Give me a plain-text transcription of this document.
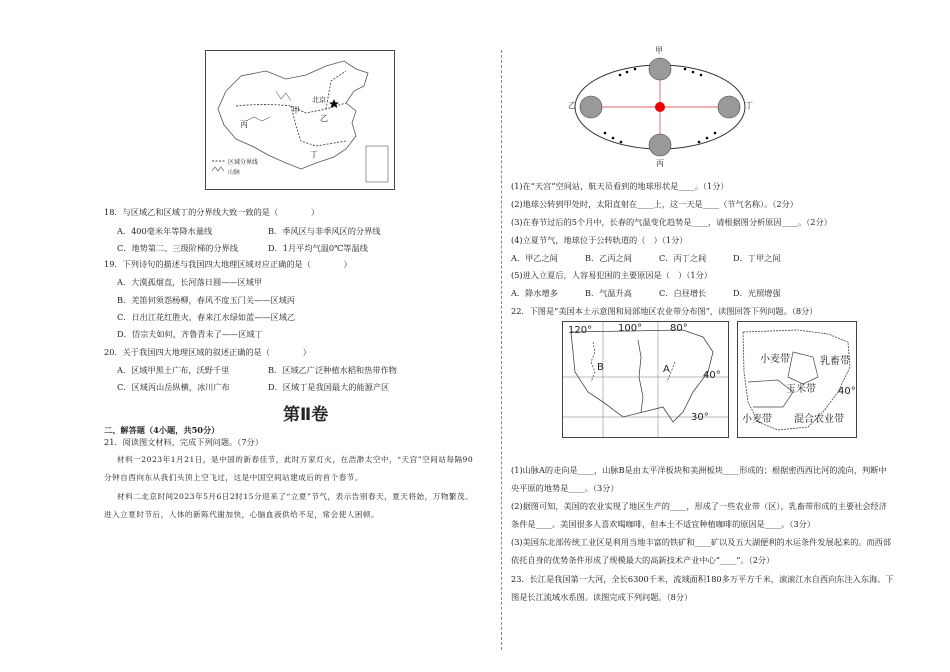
甲
乙
丙
丁
北京
区域分界线
山脉
18．与区域乙和区域丁的分界线大致一致的是（　　　　）
A．400毫米年等降水量线	B．季风区与非季风区的分界线
C．地势第二、三级阶梯的分界线	D．1月平均气温0℃等温线
19．下列诗句的描述与我国四大地理区域对应正确的是（　　　　）
A．大漠孤烟直，长河落日圆——区域甲
B．羌笛何须怨杨柳，春风不度玉门关——区域丙
C．日出江花红胜火，春来江水绿如蓝——区域乙
D．岱宗夫如何，齐鲁青未了——区域丁
20．关于我国四大地理区域的叙述正确的是（　　　　）
A．区域甲黑土广布，沃野千里	B．区域乙广泛种植水稻和热带作物
C．区域丙山岳纵横，冰川广布	D．区域丁是我国最大的能源产区
第Ⅱ卷
二、解答题（4小题，共50分）
21．阅读图文材料，完成下列问题。（7分）
材料一2023年1月21日，是中国的新春佳节，此时万家灯火，在浩渺太空中，“天宫”空间站每隔90
分钟自西向东从我们头顶上空飞过，这是中国空间站建成后的首个春节。
材料二北京时间2023年5月6日2时15分迎来了“立夏”节气，表示告别春天，夏天将始，万物繁茂。
进入立夏时节后，人体的新陈代谢加快，心脑血液供给不足，常会使人困顿。
甲
乙
丙
丁
(1)在“天宫”空间站，航天员看到的地球形状是____。（1分）
(2)地球公转到甲处时，太阳直射在____上，这一天是____（节气名称）。（2分）
(3)在春节过后的5个月中，长春的气温变化趋势是____，请根据图分析原因____。（2分）
(4)立夏节气，地球位于公转轨道的（　）（1分）
A．甲乙之间	B．乙丙之间	C．丙丁之间	D．丁甲之间
(5)进入立夏后，人容易犯困的主要原因是（　）（1分）
A．降水增多	B．气温升高	C．白昼增长	D．光照增强
22．下图是“美国本土示意图和局部地区农业带分布图”，读图回答下列问题。（8分）
120°	100°	80°
40°
30°
B	A
小麦带	乳畜带
玉米带
小麦带 混合农业带
40°
(1)山脉A的走向是____，山脉B是由太平洋板块和美洲板块____形成的；根据密西西比河的流向，判断中
央平原的地势是____。（3分）
(2)据图可知，美国的农业实现了地区生产的____，形成了一些农业带（区），乳畜带形成的主要社会经济
条件是____。美国很多人喜欢喝咖啡，但本土不适宜种植咖啡的原因是____。（3分）
(3)美国东北部传统工业区是利用当地丰富的铁矿和____矿以及五大湖便利的水运条件发展起来的。而西部
依托自身的优势条件形成了规模最大的高新技术产业中心“____”。（2分）
23．长江是我国第一大河，全长6300千米，流域面积180多万平方千米，滚滚江水自西向东注入东海。下
图是长江流域水系图。读图完成下列问题。（8分）
